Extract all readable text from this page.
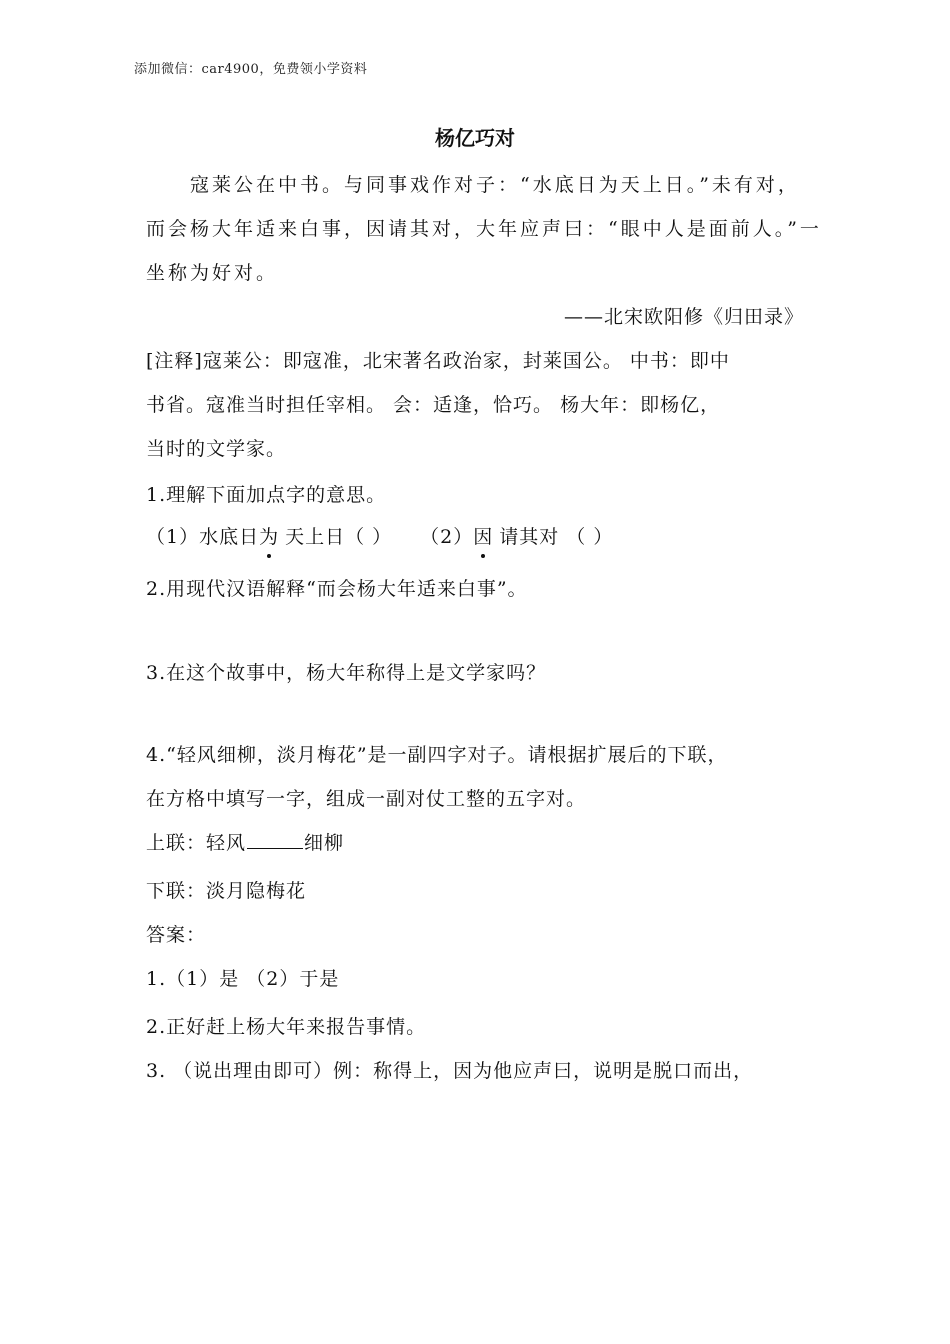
添加微信：car4900，免费领小学资料
杨亿巧对
寇莱公在中书。与同事戏作对子：“水底日为天上日。”未有对，
而会杨大年适来白事，因请其对，大年应声曰：“眼中人是面前人。”一
坐称为好对。
——北宋欧阳修《归田录》
[注释]寇莱公：即寇准，北宋著名政治家，封莱国公。 中书：即中
书省。寇准当时担任宰相。 会：适逢，恰巧。 杨大年：即杨亿，
当时的文学家。
1.理解下面加点字的意思。
（1）水底日为 天上日（ ） （2）因 请其对 （ ）
2.用现代汉语解释“而会杨大年适来白事”。
3.在这个故事中，杨大年称得上是文学家吗？
4.“轻风细柳，淡月梅花”是一副四字对子。请根据扩展后的下联，
在方格中填写一字，组成一副对仗工整的五字对。
上联：轻风	细柳
下联：淡月隐梅花
答案：
1.（1）是 （2）于是
2.正好赶上杨大年来报告事情。
3. （说出理由即可）例：称得上，因为他应声曰，说明是脱口而出，
